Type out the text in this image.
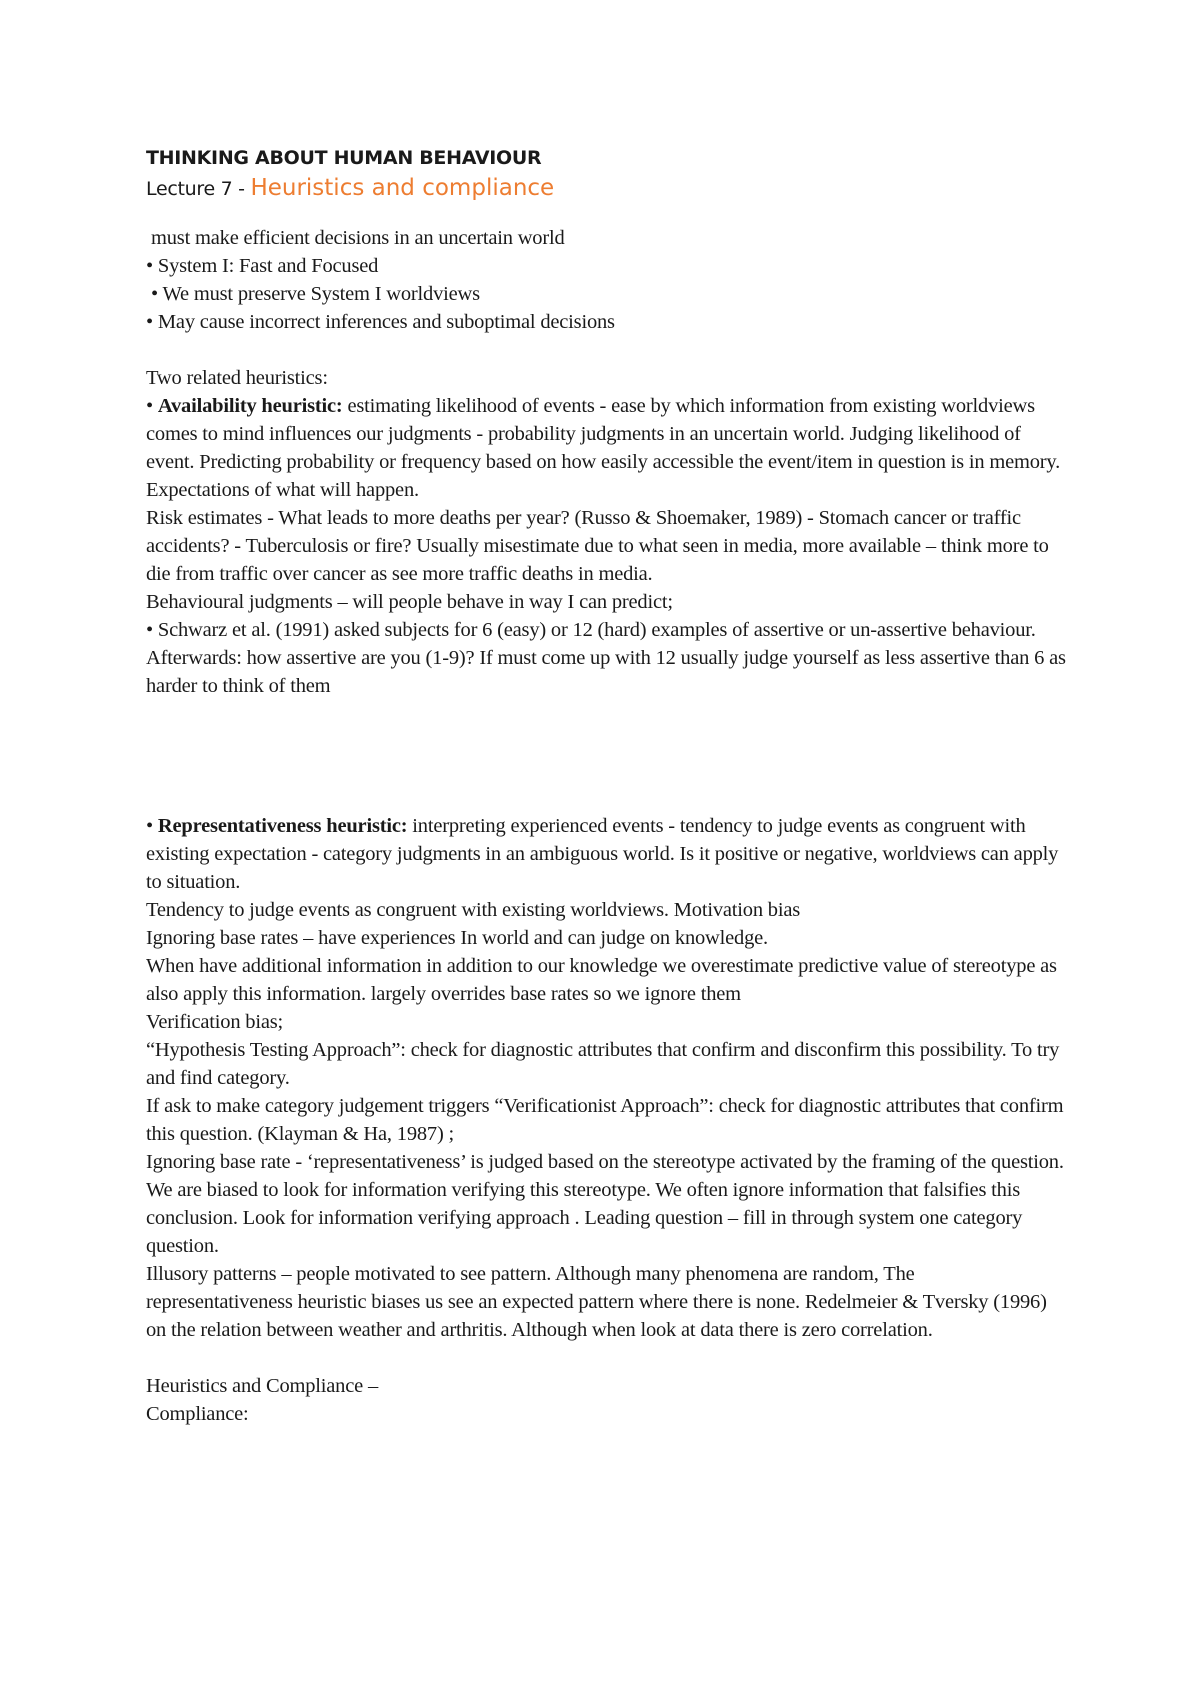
THINKING ABOUT HUMAN BEHAVIOUR
Lecture 7 - Heuristics and compliance

must make efficient decisions in an uncertain world

• System I: Fast and Focused

• We must preserve System I worldviews

• May cause incorrect inferences and suboptimal decisions

Two related heuristics:

• Availability heuristic: estimating likelihood of events - ease by which information from existing worldviews comes to mind influences our judgments - probability judgments in an uncertain world. Judging likelihood of event. Predicting probability or frequency based on how easily accessible the event/item in question is in memory. Expectations of what will happen.

Risk estimates - What leads to more deaths per year? (Russo & Shoemaker, 1989) - Stomach cancer or traffic accidents? - Tuberculosis or fire? Usually misestimate due to what seen in media, more available – think more to die from traffic over cancer as see more traffic deaths in media.

Behavioural judgments – will people behave in way I can predict;

• Schwarz et al. (1991) asked subjects for 6 (easy) or 12 (hard) examples of assertive or un-assertive behaviour. Afterwards: how assertive are you (1-9)? If must come up with 12 usually judge yourself as less assertive than 6 as harder to think of them

• Representativeness heuristic: interpreting experienced events - tendency to judge events as congruent with existing expectation - category judgments in an ambiguous world. Is it positive or negative, worldviews can apply to situation.

Tendency to judge events as congruent with existing worldviews. Motivation bias

Ignoring base rates – have experiences In world and can judge on knowledge.

When have additional information in addition to our knowledge we overestimate predictive value of stereotype as also apply this information. largely overrides base rates so we ignore them

Verification bias;

“Hypothesis Testing Approach”: check for diagnostic attributes that confirm and disconfirm this possibility. To try and find category.

If ask to make category judgement triggers “Verificationist Approach”: check for diagnostic attributes that confirm this question. (Klayman & Ha, 1987) ;

Ignoring base rate - ‘representativeness’ is judged based on the stereotype activated by the framing of the question. We are biased to look for information verifying this stereotype. We often ignore information that falsifies this conclusion. Look for information verifying approach . Leading question – fill in through system one category question.

Illusory patterns – people motivated to see pattern. Although many phenomena are random, The representativeness heuristic biases us see an expected pattern where there is none. Redelmeier & Tversky (1996) on the relation between weather and arthritis. Although when look at data there is zero correlation.

Heuristics and Compliance –

Compliance:
